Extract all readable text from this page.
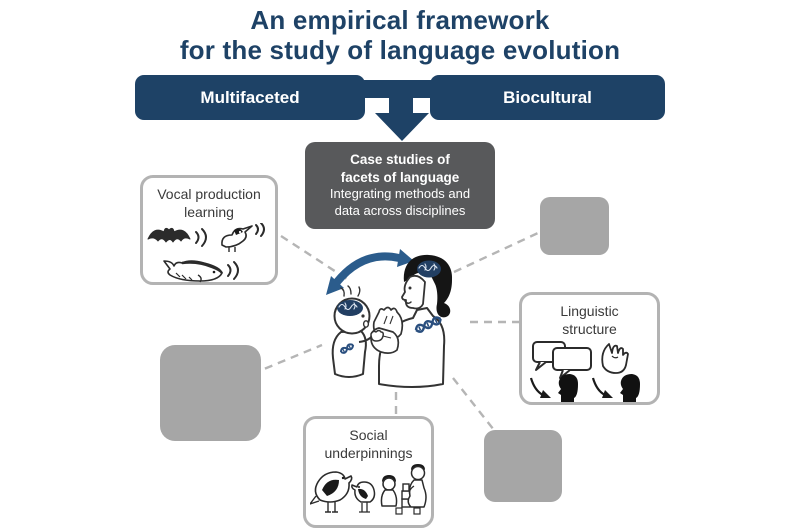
An empirical framework
for the study of language evolution
Multifaceted	Biocultural
Case studies of
facets of language
Integrating methods and
data across disciplines
Vocal production learning
Linguistic structure
Social underpinnings
